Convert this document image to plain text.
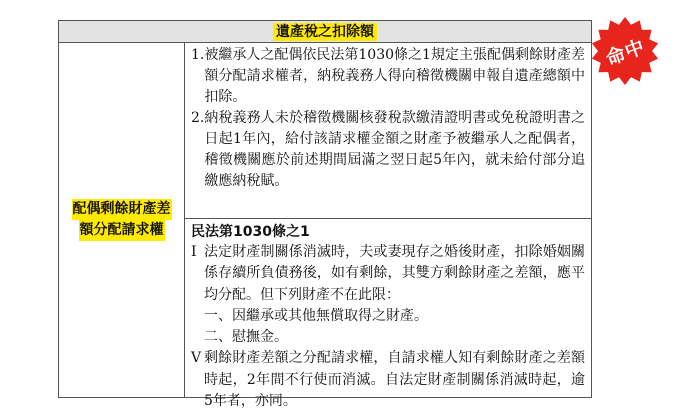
遺產稅之扣除額
配偶剩餘財產差
額分配請求權
1. 被繼承人之配偶依民法第1030條之1規定主張配偶剩餘財產差額分配請求權者，納稅義務人得向稽徵機關申報自遺產總額中扣除。
2. 納稅義務人未於稽徵機關核發稅款繳清證明書或免稅證明書之日起1年內，給付該請求權金額之財產予被繼承人之配偶者，稽徵機關應於前述期間屆滿之翌日起5年內，就未給付部分追繳應納稅賦。
民法第1030條之1
I 法定財產制關係消滅時，夫或妻現存之婚後財產，扣除婚姻關係存續所負債務後，如有剩餘，其雙方剩餘財產之差額，應平均分配。但下列財產不在此限：
一、因繼承或其他無償取得之財產。
二、慰撫金。
V 剩餘財產差額之分配請求權，自請求權人知有剩餘財產之差額時起，2年間不行使而消滅。自法定財產制關係消滅時起，逾5年者，亦同。
命中
